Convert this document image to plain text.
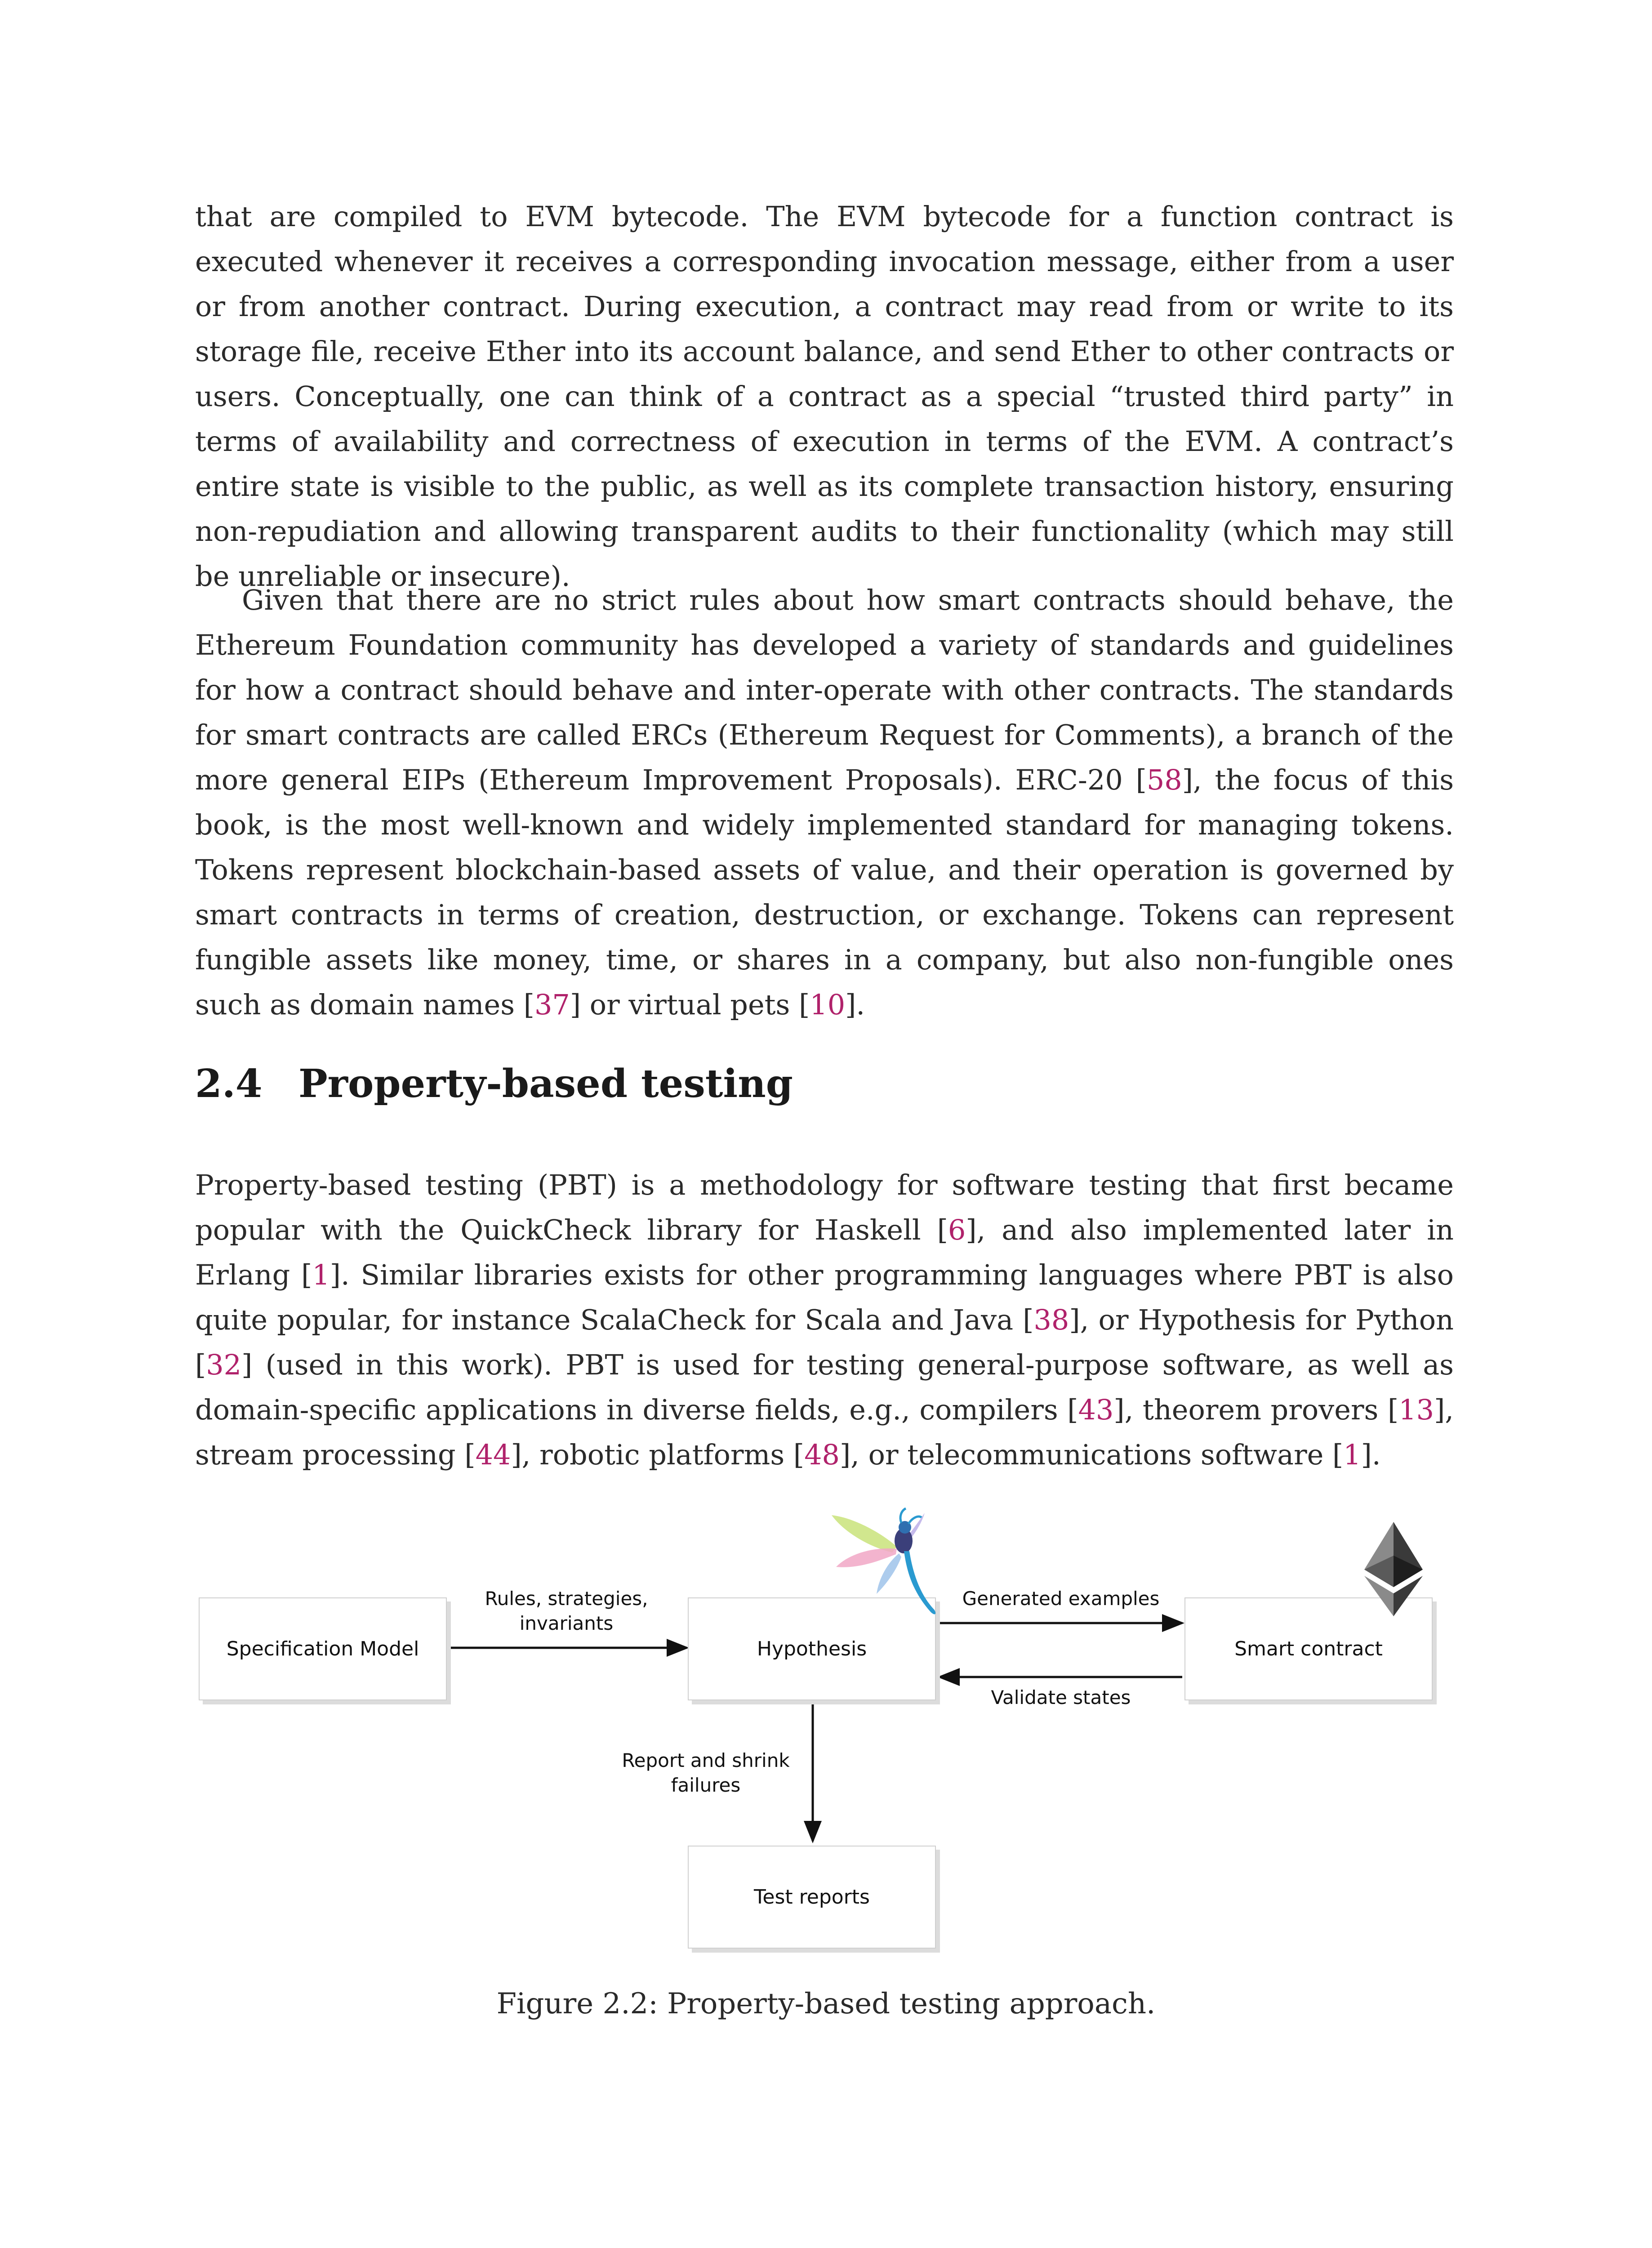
that are compiled to EVM bytecode. The EVM bytecode for a function contract is executed whenever it receives a corresponding invocation message, either from a user or from another contract. During execution, a contract may read from or write to its storage file, receive Ether into its account balance, and send Ether to other contracts or users. Conceptually, one can think of a contract as a special “trusted third party” in terms of availability and correctness of execution in terms of the EVM. A contract’s entire state is visible to the public, as well as its complete transaction history, ensuring non-repudiation and allowing transparent audits to their functionality (which may still be unreliable or insecure).
Given that there are no strict rules about how smart contracts should behave, the Ethereum Foundation community has developed a variety of standards and guidelines for how a contract should behave and inter-operate with other contracts. The standards for smart contracts are called ERCs (Ethereum Request for Comments), a branch of the more general EIPs (Ethereum Improvement Proposals). ERC-20 [58], the focus of this book, is the most well-known and widely implemented standard for managing tokens. Tokens represent blockchain-based assets of value, and their operation is governed by smart contracts in terms of creation, destruction, or exchange. Tokens can represent fungible assets like money, time, or shares in a company, but also non-fungible ones such as domain names [37] or virtual pets [10].
2.4 Property-based testing
Property-based testing (PBT) is a methodology for software testing that first became popular with the QuickCheck library for Haskell [6], and also implemented later in Erlang [1]. Similar libraries exists for other programming languages where PBT is also quite popular, for instance ScalaCheck for Scala and Java [38], or Hypothesis for Python [32] (used in this work). PBT is used for testing general-purpose software, as well as domain-specific applications in diverse fields, e.g., compilers [43], theorem provers [13], stream processing [44], robotic platforms [48], or telecommunications software [1].
Specification Model	Hypothesis	Smart contract
Test reports
Rules, strategies,
invariants
Generated examples
Validate states
Report and shrink
failures
Figure 2.2: Property-based testing approach.
